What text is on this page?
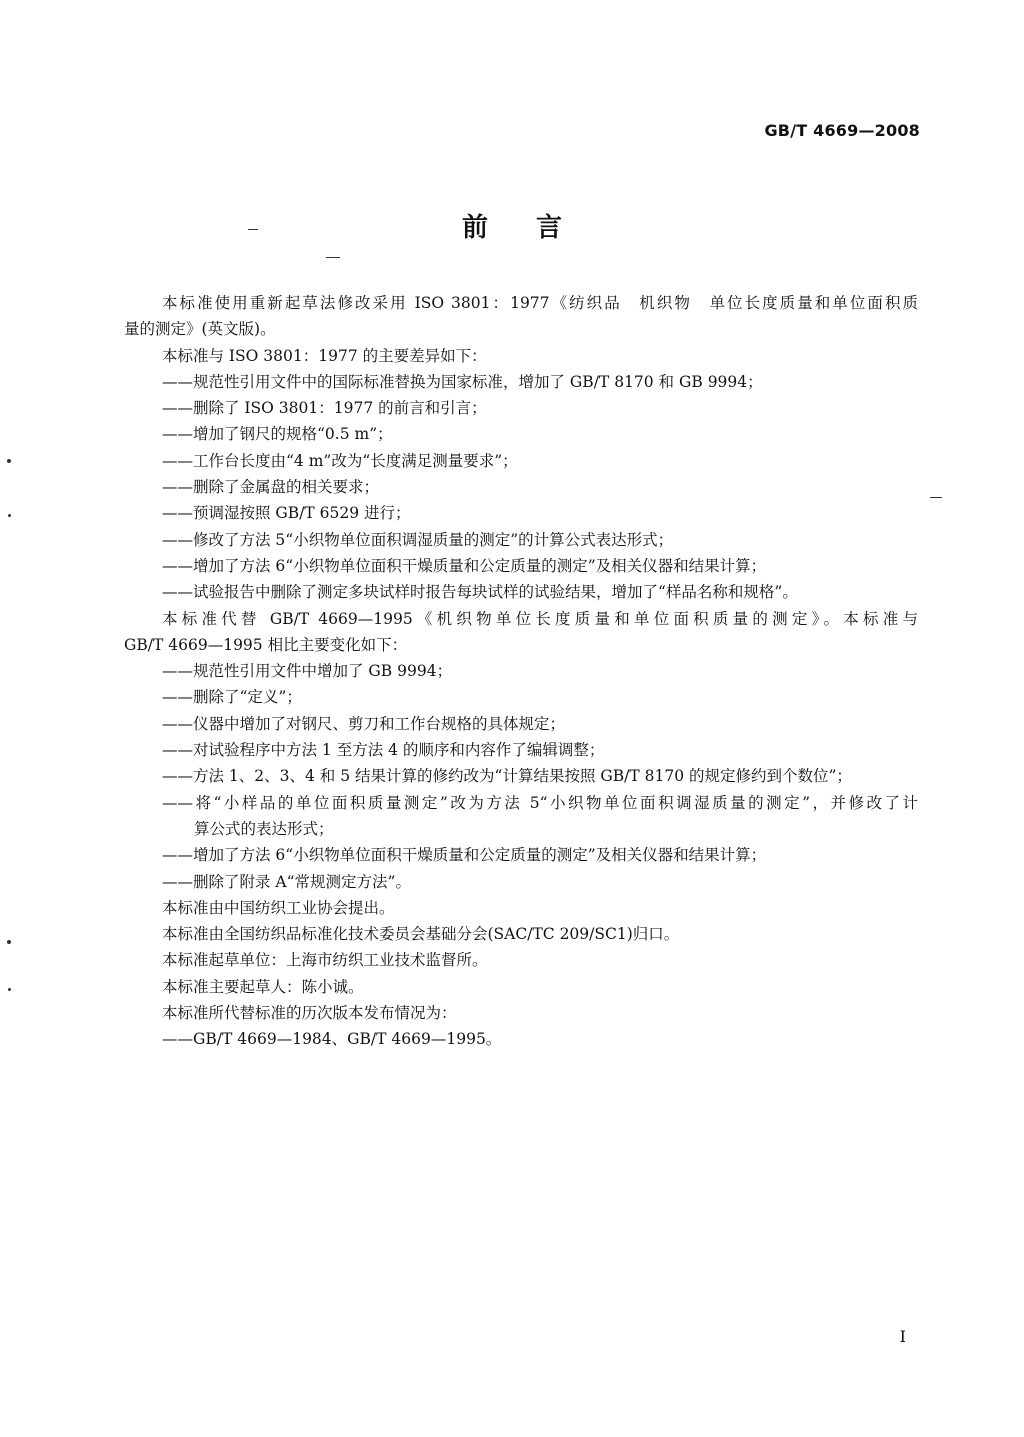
GB/T 4669—2008
前言
本标准使用重新起草法修改采用 ISO 3801：1977《纺织品　机织物　单位长度质量和单位面积质
量的测定》(英文版)。
本标准与 ISO 3801：1977 的主要差异如下：
——规范性引用文件中的国际标准替换为国家标准，增加了 GB/T 8170 和 GB 9994；
——删除了 ISO 3801：1977 的前言和引言；
——增加了钢尺的规格“0.5 m”；
——工作台长度由“4 m”改为“长度满足测量要求”；
——删除了金属盘的相关要求；
——预调湿按照 GB/T 6529 进行；
——修改了方法 5“小织物单位面积调湿质量的测定”的计算公式表达形式；
——增加了方法 6“小织物单位面积干燥质量和公定质量的测定”及相关仪器和结果计算；
——试验报告中删除了测定多块试样时报告每块试样的试验结果，增加了“样品名称和规格”。
本标准代替 GB/T 4669—1995《机织物单位长度质量和单位面积质量的测定》。本标准与
GB/T 4669—1995 相比主要变化如下：
——规范性引用文件中增加了 GB 9994；
——删除了“定义”；
——仪器中增加了对钢尺、剪刀和工作台规格的具体规定；
——对试验程序中方法 1 至方法 4 的顺序和内容作了编辑调整；
——方法 1、2、3、4 和 5 结果计算的修约改为“计算结果按照 GB/T 8170 的规定修约到个数位”；
——将“小样品的单位面积质量测定”改为方法 5“小织物单位面积调湿质量的测定”，并修改了计
算公式的表达形式；
——增加了方法 6“小织物单位面积干燥质量和公定质量的测定”及相关仪器和结果计算；
——删除了附录 A“常规测定方法”。
本标准由中国纺织工业协会提出。
本标准由全国纺织品标准化技术委员会基础分会(SAC/TC 209/SC1)归口。
本标准起草单位：上海市纺织工业技术监督所。
本标准主要起草人：陈小诚。
本标准所代替标准的历次版本发布情况为：
——GB/T 4669—1984、GB/T 4669—1995。
I
